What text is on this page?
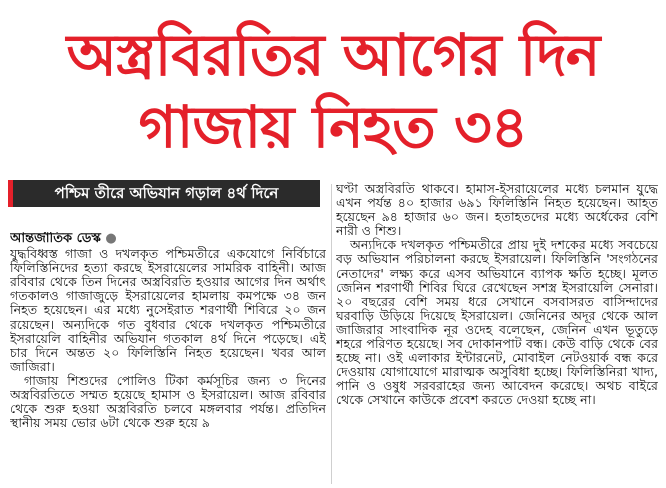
অস্ত্রবিরতির আগের দিন
গাজায় নিহত ৩৪
পশ্চিম তীরে অভিযান গড়াল ৪র্থ দিনে
আন্তর্জাতিক ডেস্ক ●

যুদ্ধবিধ্বস্ত গাজা ও দখলকৃত পশ্চিমতীরে একযোগে নির্বিচারে ফিলিস্তিনিদের হত্যা করছে ইসরায়েলের সামরিক বাহিনী। আজ রবিবার থেকে তিন দিনের অস্ত্রবিরতি হওয়ার আগের দিন অর্থাৎ গতকালও গাজাজুড়ে ইসরায়েলের হামলায় কমপক্ষে ৩৪ জন নিহত হয়েছেন। এর মধ্যে নুসেইরাত শরণার্থী শিবিরে ২০ জন রয়েছেন। অন্যদিকে গত বুধবার থেকে দখলকৃত পশ্চিমতীরে ইসরায়েলি বাহিনীর অভিযান গতকাল ৪র্থ দিনে পড়েছে। এই চার দিনে অন্তত ২০ ফিলিস্তিনি নিহত হয়েছেন। খবর আল জাজিরা।

গাজায় শিশুদের পোলিও টিকা কর্মসূচির জন্য ৩ দিনের অস্ত্রবিরতিতে সম্মত হয়েছে হামাস ও ইসরায়েল। আজ রবিবার থেকে শুরু হওয়া অস্ত্রবিরতি চলবে মঙ্গলবার পর্যন্ত। প্রতিদিন স্থানীয় সময় ভোর ৬টা থেকে শুরু হয়ে ৯

ঘণ্টা অস্ত্রবিরতি থাকবে। হামাস-ইসরায়েলের মধ্যে চলমান যুদ্ধে এখন পর্যন্ত ৪০ হাজার ৬৯১ ফিলিস্তিনি নিহত হয়েছেন। আহত হয়েছেন ৯৪ হাজার ৬০ জন। হতাহতদের মধ্যে অর্ধেকের বেশি নারী ও শিশু।

অন্যদিকে দখলকৃত পশ্চিমতীরে প্রায় দুই দশকের মধ্যে সবচেয়ে বড় অভিযান পরিচালনা করছে ইসরায়েল। ফিলিস্তিনি 'সংগঠনের নেতাদের' লক্ষ্য করে এসব অভিযানে ব্যাপক ক্ষতি হচ্ছে। মূলত জেনিন শরণার্থী শিবির ঘিরে রেখেছেন সশস্ত্র ইসরায়েলি সেনারা। ২০ বছরের বেশি সময় ধরে সেখানে বসবাসরত বাসিন্দাদের ঘরবাড়ি উড়িয়ে দিয়েছে ইসরায়েল। জেনিনের অদূর থেকে আল জাজিরার সাংবাদিক নূর ওদেহ বলেছেন, জেনিন এখন ভূতুড়ে শহরে পরিণত হয়েছে। সব দোকানপাট বন্ধ। কেউ বাড়ি থেকে বের হচ্ছে না। ওই এলাকার ইন্টারনেট, মোবাইল নেটওয়ার্ক বন্ধ করে দেওয়ায় যোগাযোগে মারাত্মক অসুবিধা হচ্ছে। ফিলিস্তিনিরা খাদ্য, পানি ও ওষুধ সরবরাহের জন্য আবেদন করেছে। অথচ বাইরে থেকে সেখানে কাউকে প্রবেশ করতে দেওয়া হচ্ছে না।
